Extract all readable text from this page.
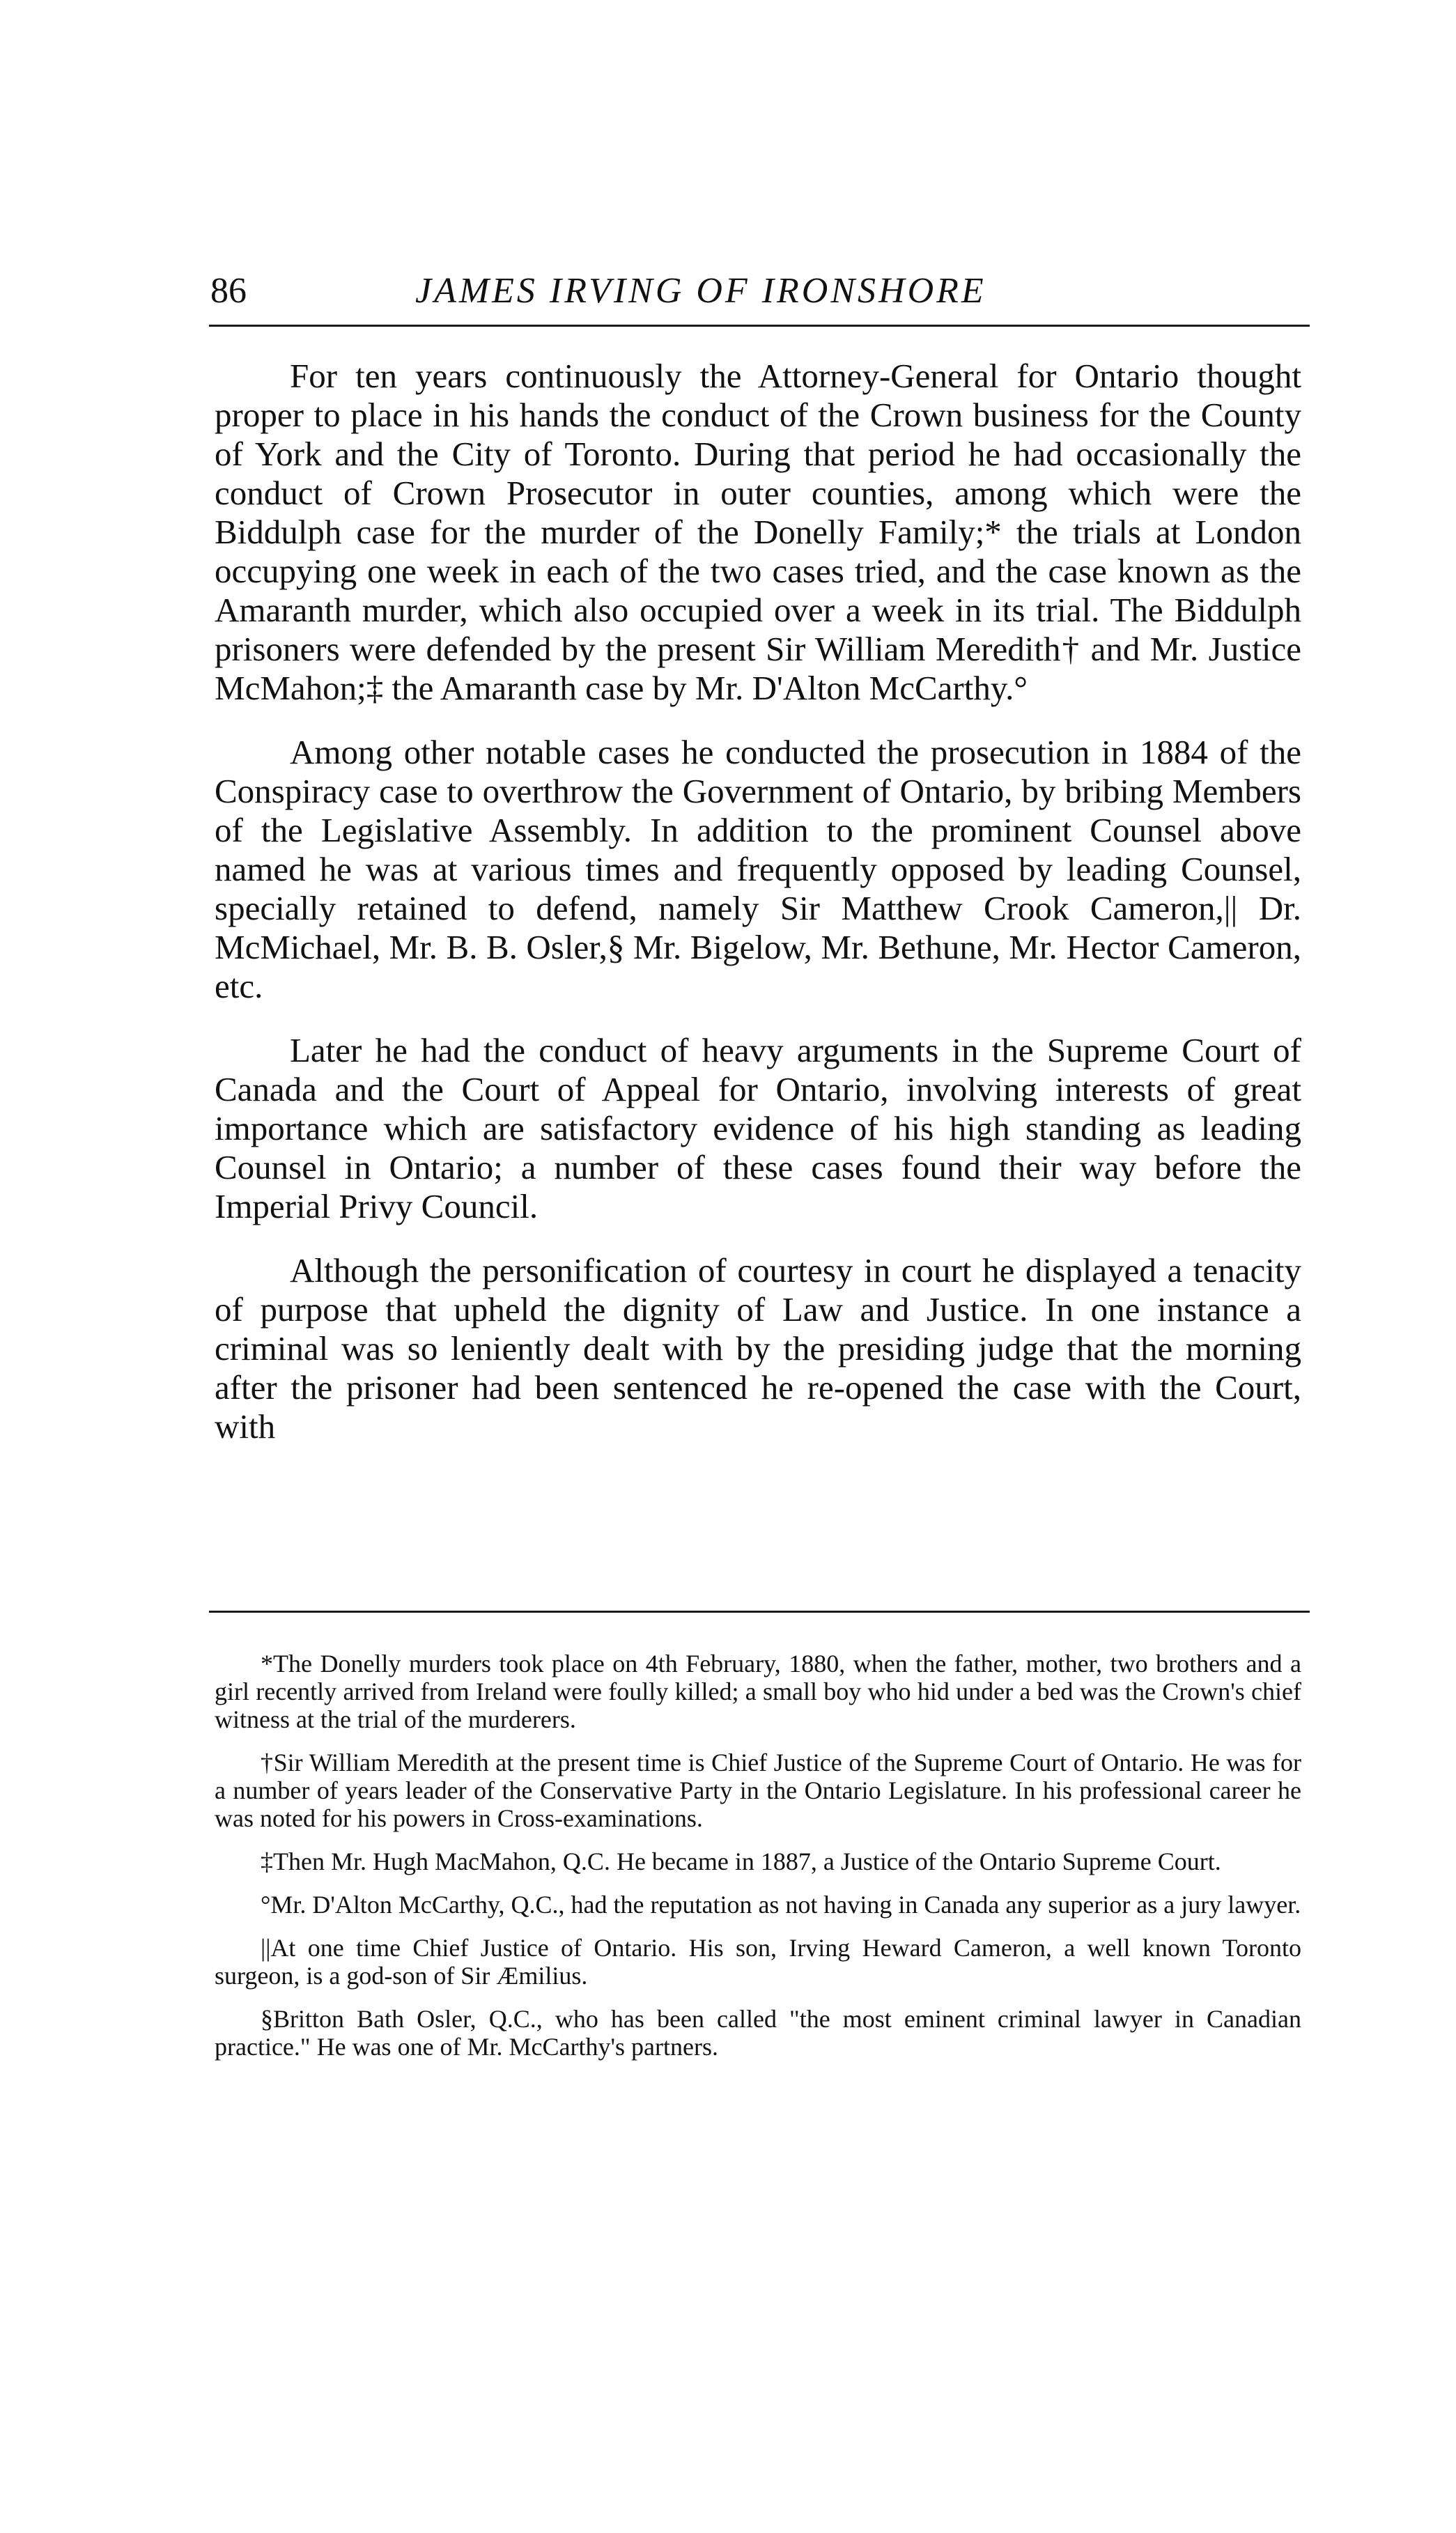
86	JAMES IRVING OF IRONSHORE

For ten years continuously the Attorney-General for Ontario thought proper to place in his hands the conduct of the Crown business for the County of York and the City of Toronto. During that period he had occasionally the conduct of Crown Prosecutor in outer counties, among which were the Biddulph case for the murder of the Donelly Family;* the trials at London occupying one week in each of the two cases tried, and the case known as the Amaranth murder, which also occupied over a week in its trial. The Biddulph prisoners were defended by the present Sir William Meredith† and Mr. Justice McMahon;‡ the Amaranth case by Mr. D'Alton McCarthy.°

Among other notable cases he conducted the prosecution in 1884 of the Conspiracy case to overthrow the Government of Ontario, by bribing Members of the Legislative Assembly. In addition to the prominent Counsel above named he was at various times and frequently opposed by leading Counsel, specially retained to defend, namely Sir Matthew Crook Cameron,|| Dr. McMichael, Mr. B. B. Osler,§ Mr. Bigelow, Mr. Bethune, Mr. Hector Cameron, etc.

Later he had the conduct of heavy arguments in the Supreme Court of Canada and the Court of Appeal for Ontario, involving interests of great importance which are satisfactory evidence of his high standing as leading Counsel in Ontario; a number of these cases found their way before the Imperial Privy Council.

Although the personification of courtesy in court he displayed a tenacity of purpose that upheld the dignity of Law and Justice. In one instance a criminal was so leniently dealt with by the presiding judge that the morning after the prisoner had been sentenced he re-opened the case with the Court, with

*The Donelly murders took place on 4th February, 1880, when the father, mother, two brothers and a girl recently arrived from Ireland were foully killed; a small boy who hid under a bed was the Crown's chief witness at the trial of the murderers.

†Sir William Meredith at the present time is Chief Justice of the Supreme Court of Ontario. He was for a number of years leader of the Conservative Party in the Ontario Legislature. In his professional career he was noted for his powers in Cross-examinations.

‡Then Mr. Hugh MacMahon, Q.C. He became in 1887, a Justice of the Ontario Supreme Court.

°Mr. D'Alton McCarthy, Q.C., had the reputation as not having in Canada any superior as a jury lawyer.

||At one time Chief Justice of Ontario. His son, Irving Heward Cameron, a well known Toronto surgeon, is a god-son of Sir Æmilius.

§Britton Bath Osler, Q.C., who has been called "the most eminent criminal lawyer in Canadian practice." He was one of Mr. McCarthy's partners.
